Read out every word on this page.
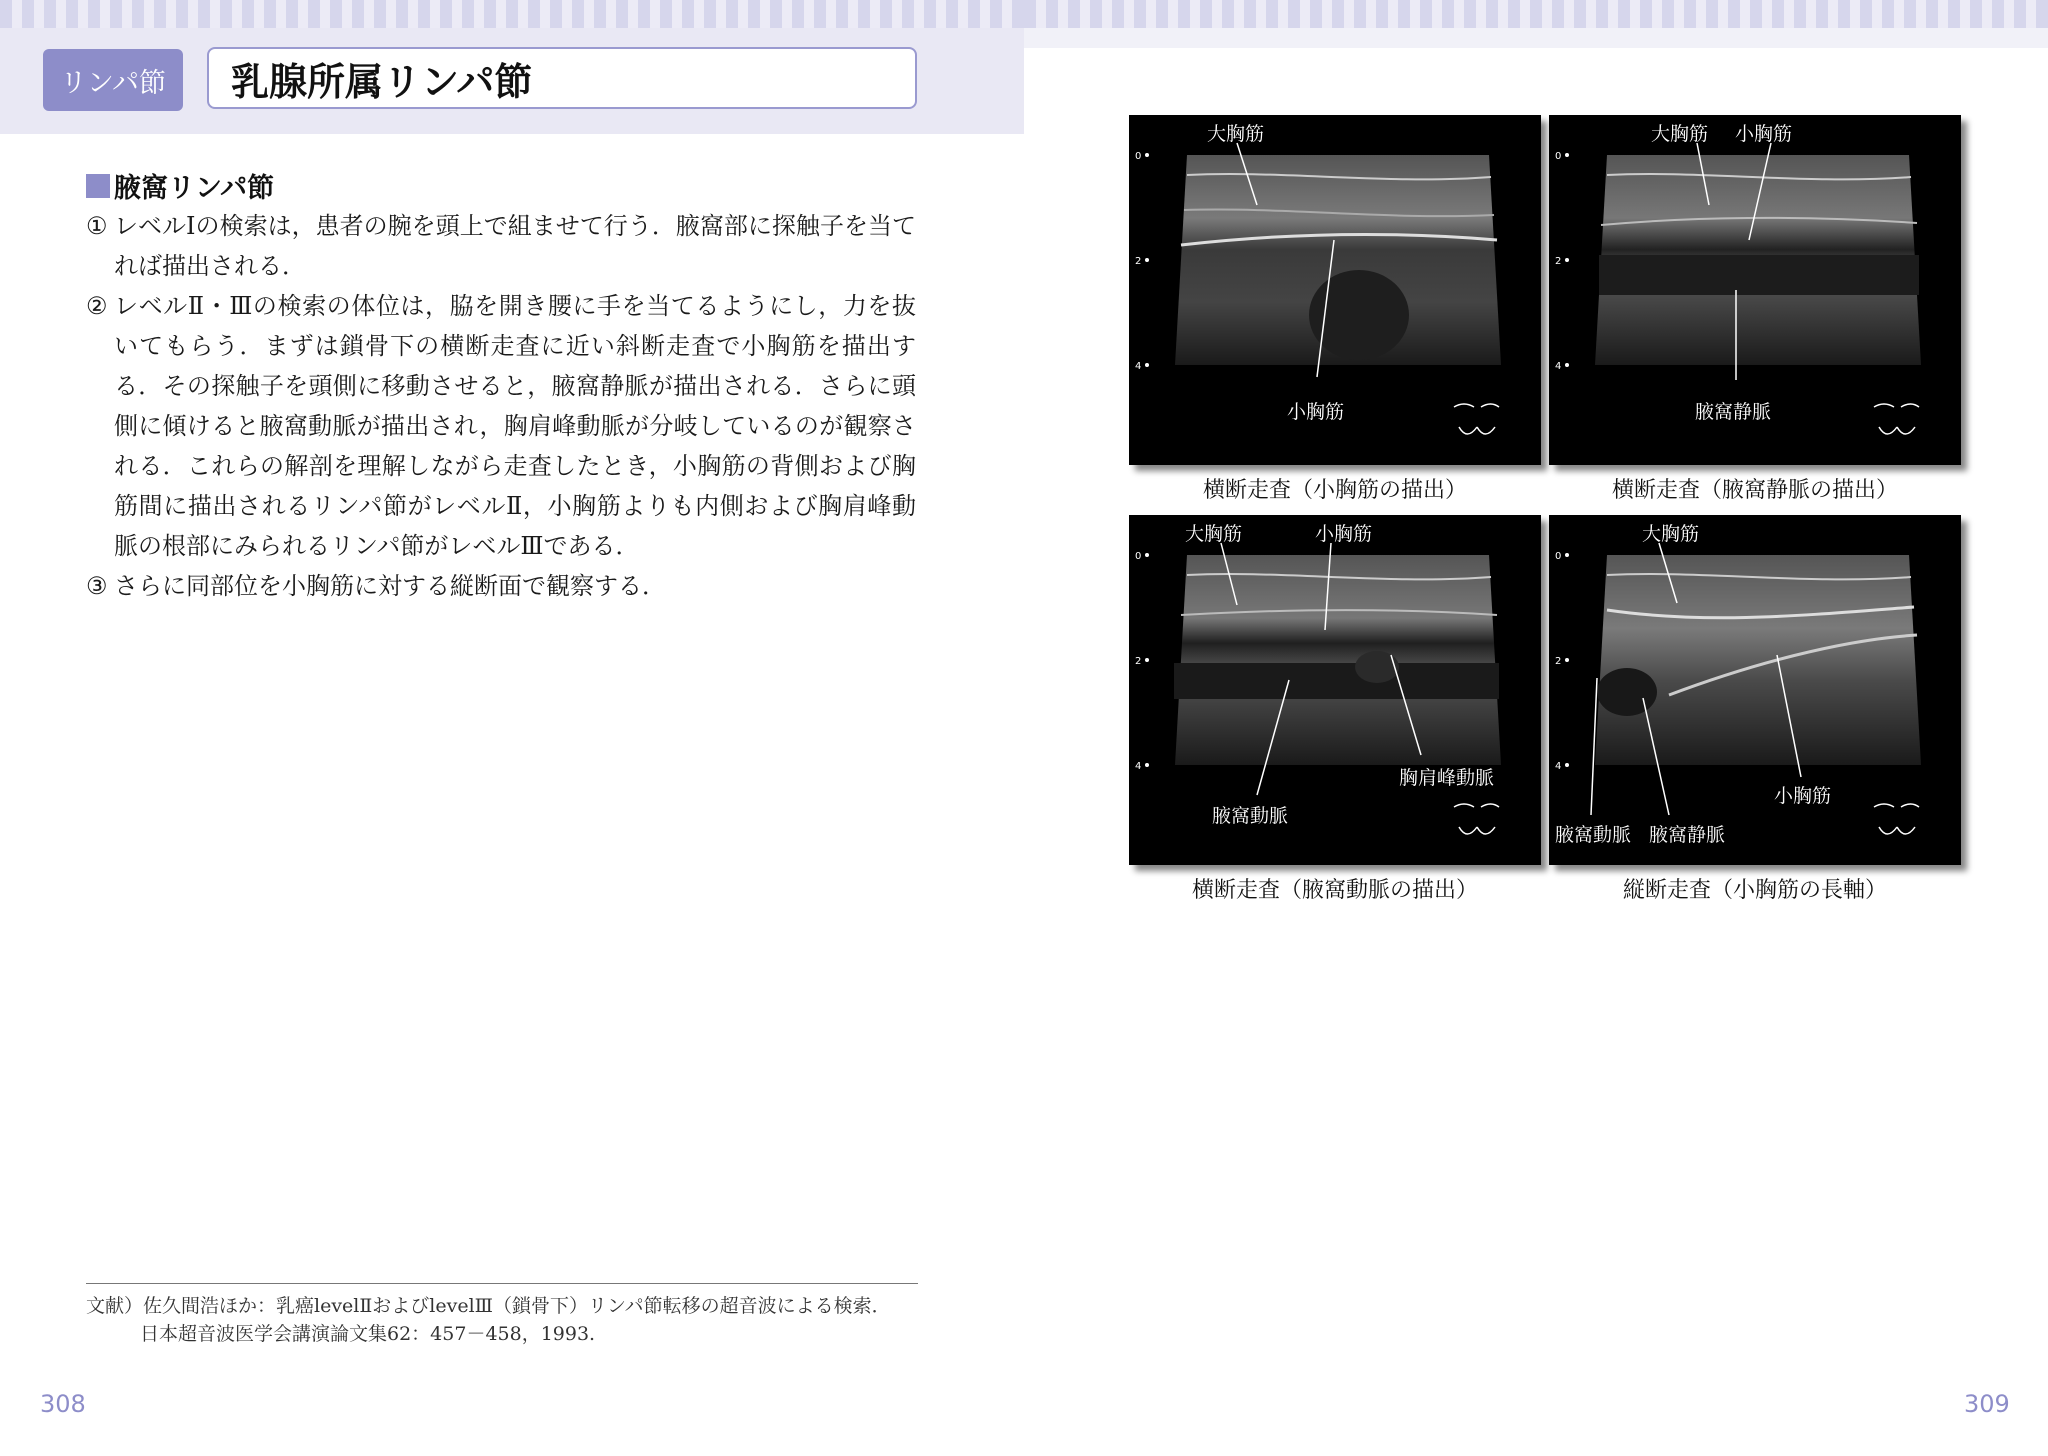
リンパ節	乳腺所属リンパ節
腋窩リンパ節
① レベルⅠの検索は，患者の腕を頭上で組ませて行う．腋窩部に探触子を当てれば描出される．
② レベルⅡ・Ⅲの検索の体位は，脇を開き腰に手を当てるようにし，力を抜いてもらう．まずは鎖骨下の横断走査に近い斜断走査で小胸筋を描出する．その探触子を頭側に移動させると，腋窩静脈が描出される．さらに頭側に傾けると腋窩動脈が描出され，胸肩峰動脈が分岐しているのが観察される．これらの解剖を理解しながら走査したとき，小胸筋の背側および胸筋間に描出されるリンパ節がレベルⅡ，小胸筋よりも内側および胸肩峰動脈の根部にみられるリンパ節がレベルⅢである．
③ さらに同部位を小胸筋に対する縦断面で観察する．
文献）佐久間浩ほか：乳癌levelⅡおよびlevelⅢ（鎖骨下）リンパ節転移の超音波による検索．
日本超音波医学会講演論文集62：457－458，1993.
308	309
0
2
4
大胸筋
小胸筋
横断走査（小胸筋の描出）
0
2
4
大胸筋 小胸筋
腋窩静脈
横断走査（腋窩静脈の描出）
0
2
4
大胸筋	小胸筋
胸肩峰動脈
腋窩動脈
横断走査（腋窩動脈の描出）
0
2
4
大胸筋
小胸筋
腋窩動脈 腋窩静脈
縦断走査（小胸筋の長軸）
